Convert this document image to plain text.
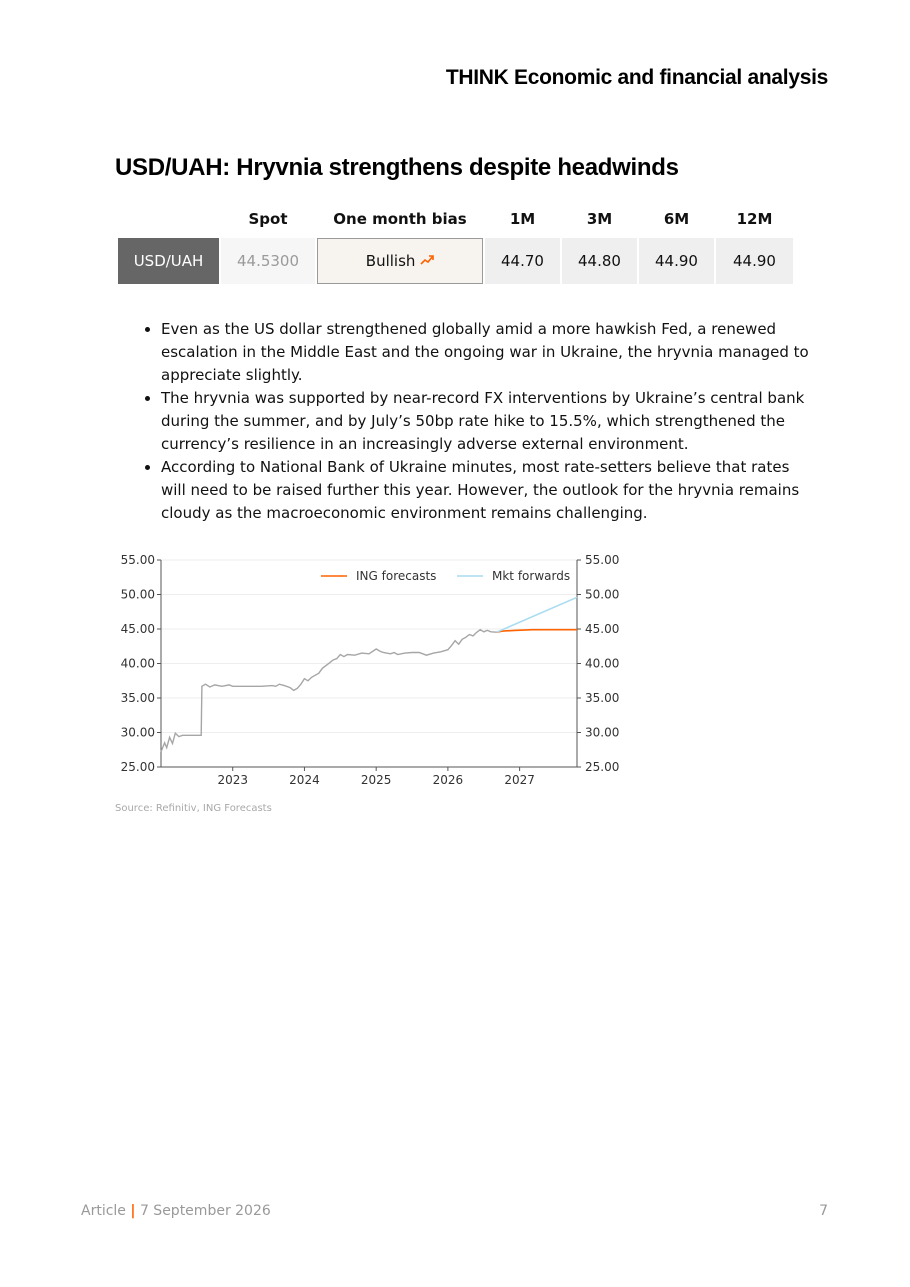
THINK Economic and financial analysis
USD/UAH: Hryvnia strengthens despite headwinds
	Spot	One month bias	1M	3M	6M	12M
USD/UAH	44.5300	Bullish	44.70	44.80	44.90	44.90
• Even as the US dollar strengthened globally amid a more hawkish Fed, a renewed escalation in the Middle East and the ongoing war in Ukraine, the hryvnia managed to appreciate slightly.
• The hryvnia was supported by near-record FX interventions by Ukraine’s central bank during the summer, and by July’s 50bp rate hike to 15.5%, which strengthened the currency’s resilience in an increasingly adverse external environment.
• According to National Bank of Ukraine minutes, most rate-setters believe that rates will need to be raised further this year. However, the outlook for the hryvnia remains cloudy as the macroeconomic environment remains challenging.
55.00	55.00
50.00	50.00
45.00	45.00
40.00	40.00
35.00	35.00
30.00	30.00
25.00	25.00
2023	2024	2025	2026	2027
ING forecasts	Mkt forwards
Source: Refinitiv, ING Forecasts
Article | 7 September 2026	7
